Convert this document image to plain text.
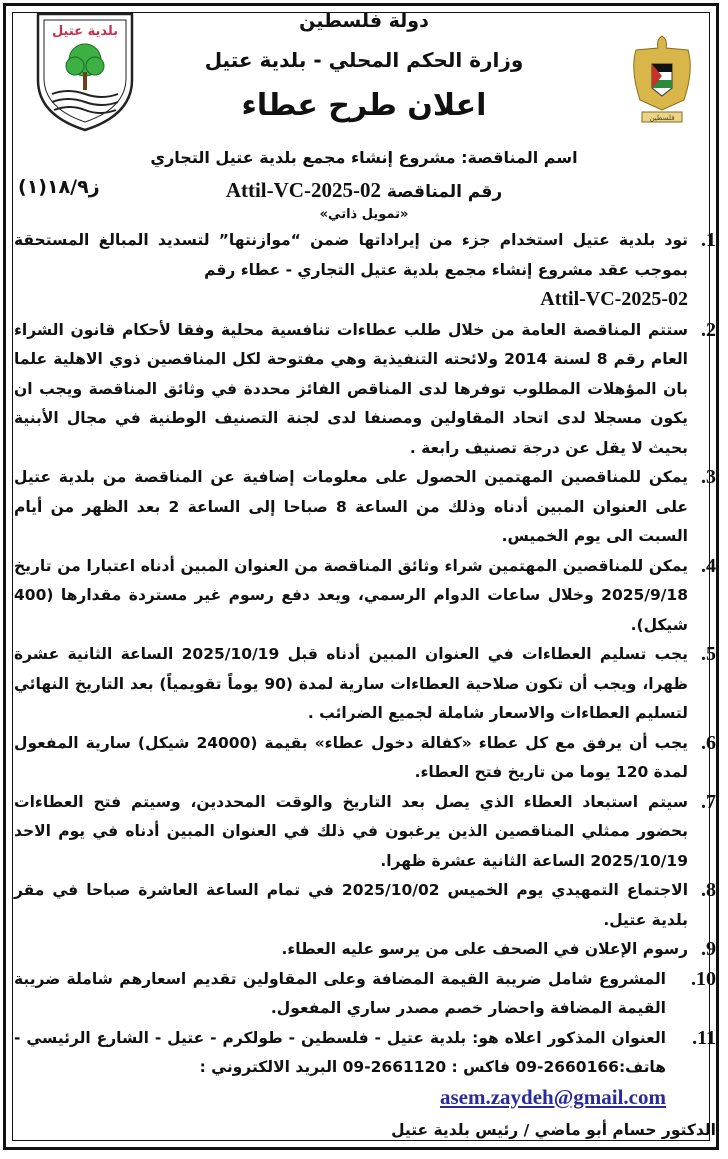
بلدية عتيل	دولة فلسطين
وزارة الحكم المحلي - بلدية عتيل
اعلان طرح عطاء
اسم المناقصة: مشروع إنشاء مجمع بلدية عتيل التجاري
رقم المناقصة Attil-VC-2025-02
«تمويل ذاتي»
ز١٨/٩(١)
فلسطين
1.
تود بلدية عتيل استخدام جزء من إيراداتها ضمن “موازنتها” لتسديد المبالغ المستحقة بموجب عقد مشروع إنشاء مجمع بلدية عتيل التجاري - عطاء رقم
Attil-VC-2025-02
2.
ستتم المناقصة العامة من خلال طلب عطاءات تنافسية محلية وفقا لأحكام قانون الشراء العام رقم 8 لسنة 2014 ولائحته التنفيذية وهي مفتوحة لكل المناقصين ذوي الاهلية علما بان المؤهلات المطلوب توفرها لدى المناقص الفائز محددة في وثائق المناقصة ويجب ان يكون مسجلا لدى اتحاد المقاولين ومصنفا لدى لجنة التصنيف الوطنية في مجال الأبنية بحيث لا يقل عن درجة تصنيف رابعة .
3.
يمكن للمناقصين المهتمين الحصول على معلومات إضافية عن المناقصة من بلدية عتيل على العنوان المبين أدناه وذلك من الساعة 8 صباحا إلى الساعة 2 بعد الظهر من أيام السبت الى يوم الخميس.
4.
يمكن للمناقصين المهتمين شراء وثائق المناقصة من العنوان المبين أدناه اعتبارا من تاريخ 2025/9/18 وخلال ساعات الدوام الرسمي، ويعد دفع رسوم غير مستردة مقدارها (400 شيكل).
5.
يجب تسليم العطاءات في العنوان المبين أدناه قبل 2025/10/19 الساعة الثانية عشرة ظهرا، ويجب أن تكون صلاحية العطاءات سارية لمدة (90 يوماً تقويمياً) بعد التاريخ النهائي لتسليم العطاءات والاسعار شاملة لجميع الضرائب .
6.
يجب أن يرفق مع كل عطاء «كفالة دخول عطاء» بقيمة (24000 شيكل) سارية المفعول لمدة 120 يوما من تاريخ فتح العطاء.
7.
سيتم استبعاد العطاء الذي يصل بعد التاريخ والوقت المحددين، وسيتم فتح العطاءات بحضور ممثلي المناقصين الذين يرغبون في ذلك في العنوان المبين أدناه في يوم الاحد 2025/10/19 الساعة الثانية عشرة ظهرا.
8.
الاجتماع التمهيدي يوم الخميس 2025/10/02 في تمام الساعة العاشرة صباحا في مقر بلدية عتيل.
9.
رسوم الإعلان في الصحف على من يرسو عليه العطاء.
10.
المشروع شامل ضريبة القيمة المضافة وعلى المقاولين تقديم اسعارهم شاملة ضريبة القيمة المضافة واحضار خصم مصدر ساري المفعول.
11.
العنوان المذكور اعلاه هو: بلدية عتيل - فلسطين - طولكرم - عتيل - الشارع الرئيسي - هاتف:2660166-09 فاكس : 2661120-09 البريد الالكتروني :
asem.zaydeh@gmail.com
الدكتور حسام أبو ماضي / رئيس بلدية عتيل
